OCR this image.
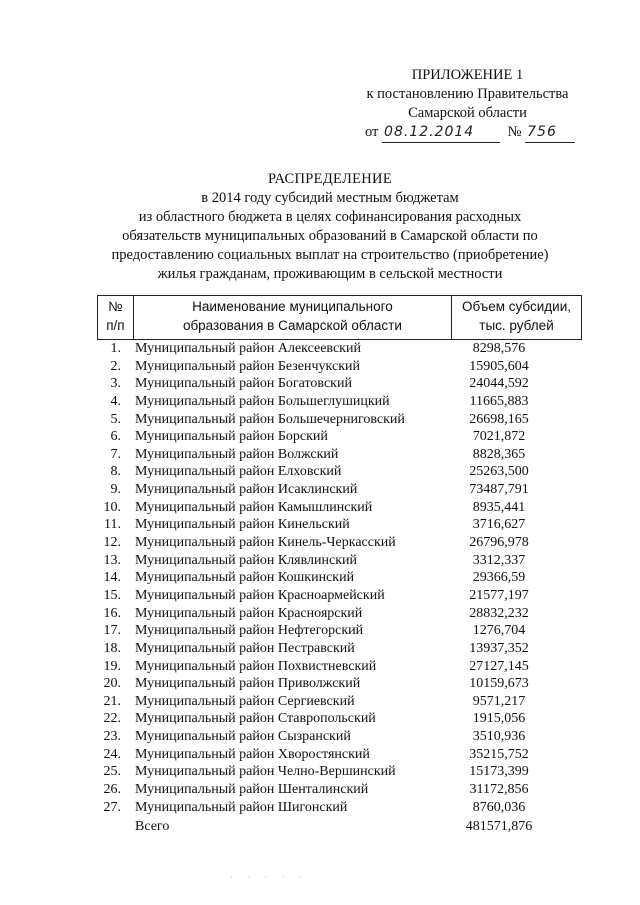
ПРИЛОЖЕНИЕ 1
к постановлению Правительства
Самарской области
от 08.12.2014 № 756
РАСПРЕДЕЛЕНИЕ
в 2014 году субсидий местным бюджетам
из областного бюджета в целях софинансирования расходных
обязательств муниципальных образований в Самарской области по
предоставлению социальных выплат на строительство (приобретение)
жилья гражданам, проживающим в сельской местности
№
п/п

Наименование муниципального
образования в Самарской области

Объем субсидии,
тыс. рублей
1. Муниципальный район Алексеевский	8298,576
2. Муниципальный район Безенчукский	15905,604
3. Муниципальный район Богатовский	24044,592
4. Муниципальный район Большеглушицкий	11665,883
5. Муниципальный район Большечерниговский	26698,165
6. Муниципальный район Борский	7021,872
7. Муниципальный район Волжский	8828,365
8. Муниципальный район Елховский	25263,500
9. Муниципальный район Исаклинский	73487,791
10. Муниципальный район Камышлинский	8935,441
11. Муниципальный район Кинельский	3716,627
12. Муниципальный район Кинель-Черкасский	26796,978
13. Муниципальный район Клявлинский	3312,337
14. Муниципальный район Кошкинский	29366,59
15. Муниципальный район Красноармейский	21577,197
16. Муниципальный район Красноярский	28832,232
17. Муниципальный район Нефтегорский	1276,704
18. Муниципальный район Пестравский	13937,352
19. Муниципальный район Похвистневский	27127,145
20. Муниципальный район Приволжский	10159,673
21. Муниципальный район Сергиевский	9571,217
22. Муниципальный район Ставропольский	1915,056
23. Муниципальный район Сызранский	3510,936
24. Муниципальный район Хворостянский	35215,752
25. Муниципальный район Челно-Вершинский	15173,399
26. Муниципальный район Шенталинский	31172,856
27. Муниципальный район Шигонский	8760,036
Всего	481571,876
· · · · ·
